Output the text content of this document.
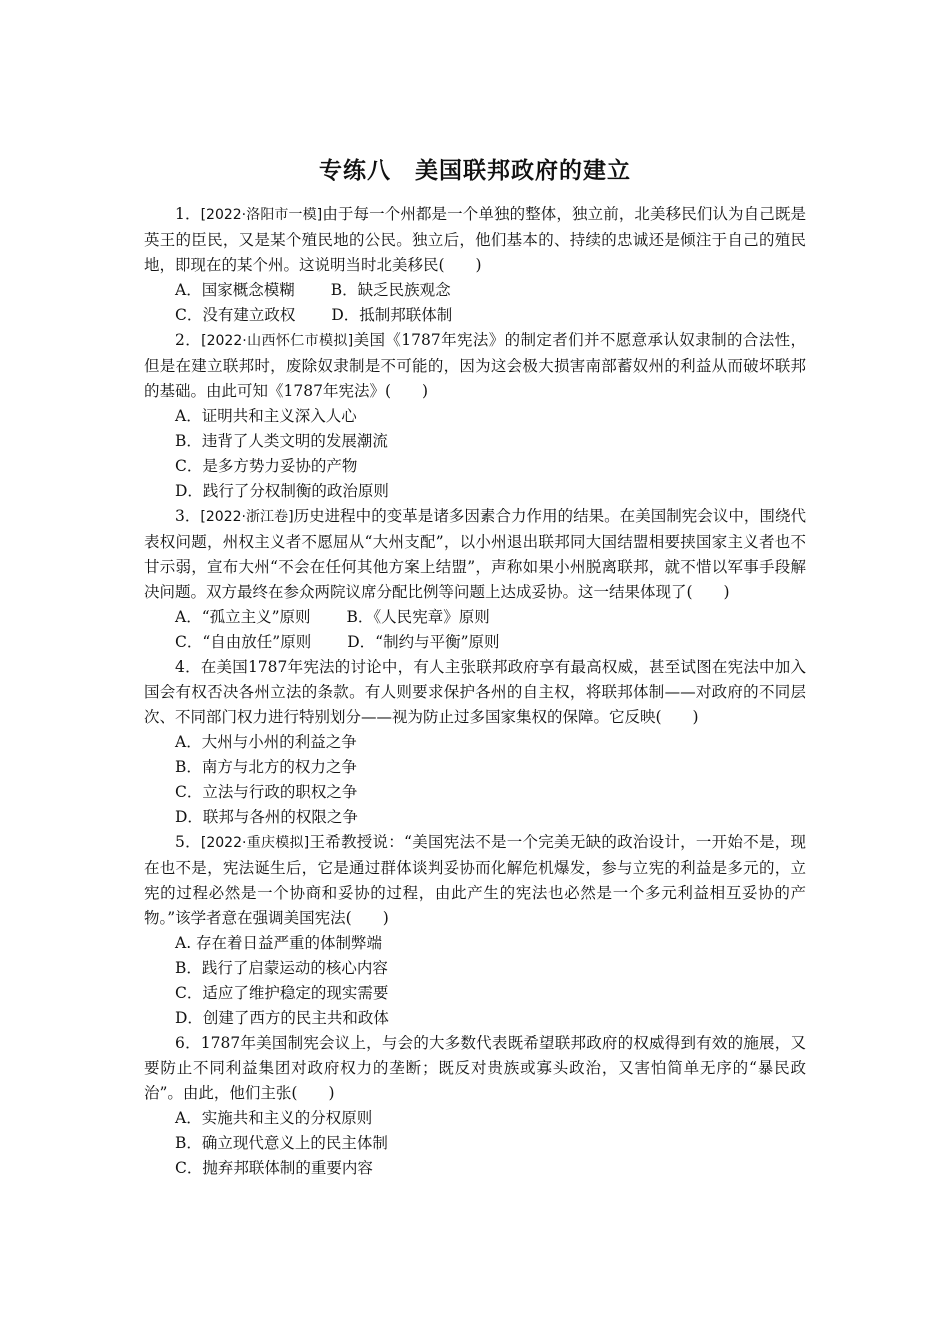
专练八　美国联邦政府的建立

1．[2022·洛阳市一模]由于每一个州都是一个单独的整体，独立前，北美移民们认为自己既是英王的臣民，又是某个殖民地的公民。独立后，他们基本的、持续的忠诚还是倾注于自己的殖民地，即现在的某个州。这说明当时北美移民(　　)

A．国家概念模糊 B．缺乏民族观念

C．没有建立政权 D．抵制邦联体制

2．[2022·山西怀仁市模拟]美国《1787年宪法》的制定者们并不愿意承认奴隶制的合法性，但是在建立联邦时，废除奴隶制是不可能的，因为这会极大损害南部蓄奴州的利益从而破坏联邦的基础。由此可知《1787年宪法》(　　)

A．证明共和主义深入人心

B．违背了人类文明的发展潮流

C．是多方势力妥协的产物

D．践行了分权制衡的政治原则

3．[2022·浙江卷]历史进程中的变革是诸多因素合力作用的结果。在美国制宪会议中，围绕代表权问题，州权主义者不愿屈从“大州支配”，以小州退出联邦同大国结盟相要挟国家主义者也不甘示弱，宣布大州“不会在任何其他方案上结盟”，声称如果小州脱离联邦，就不惜以军事手段解决问题。双方最终在参众两院议席分配比例等问题上达成妥协。这一结果体现了(　　)

A．“孤立主义”原则 B．《人民宪章》原则

C．“自由放任”原则 D．“制约与平衡”原则

4．在美国1787年宪法的讨论中，有人主张联邦政府享有最高权威，甚至试图在宪法中加入国会有权否决各州立法的条款。有人则要求保护各州的自主权，将联邦体制——对政府的不同层次、不同部门权力进行特别划分——视为防止过多国家集权的保障。它反映(　　)

A．大州与小州的利益之争

B．南方与北方的权力之争

C．立法与行政的职权之争

D．联邦与各州的权限之争

5．[2022·重庆模拟]王希教授说：“美国宪法不是一个完美无缺的政治设计，一开始不是，现在也不是，宪法诞生后，它是通过群体谈判妥协而化解危机爆发，参与立宪的利益是多元的，立宪的过程必然是一个协商和妥协的过程，由此产生的宪法也必然是一个多元利益相互妥协的产物。”该学者意在强调美国宪法(　　)

A. 存在着日益严重的体制弊端

B．践行了启蒙运动的核心内容

C．适应了维护稳定的现实需要

D．创建了西方的民主共和政体

6．1787年美国制宪会议上，与会的大多数代表既希望联邦政府的权威得到有效的施展，又要防止不同利益集团对政府权力的垄断；既反对贵族或寡头政治，又害怕简单无序的“暴民政治”。由此，他们主张(　　)

A．实施共和主义的分权原则

B．确立现代意义上的民主体制

C．抛弃邦联体制的重要内容
